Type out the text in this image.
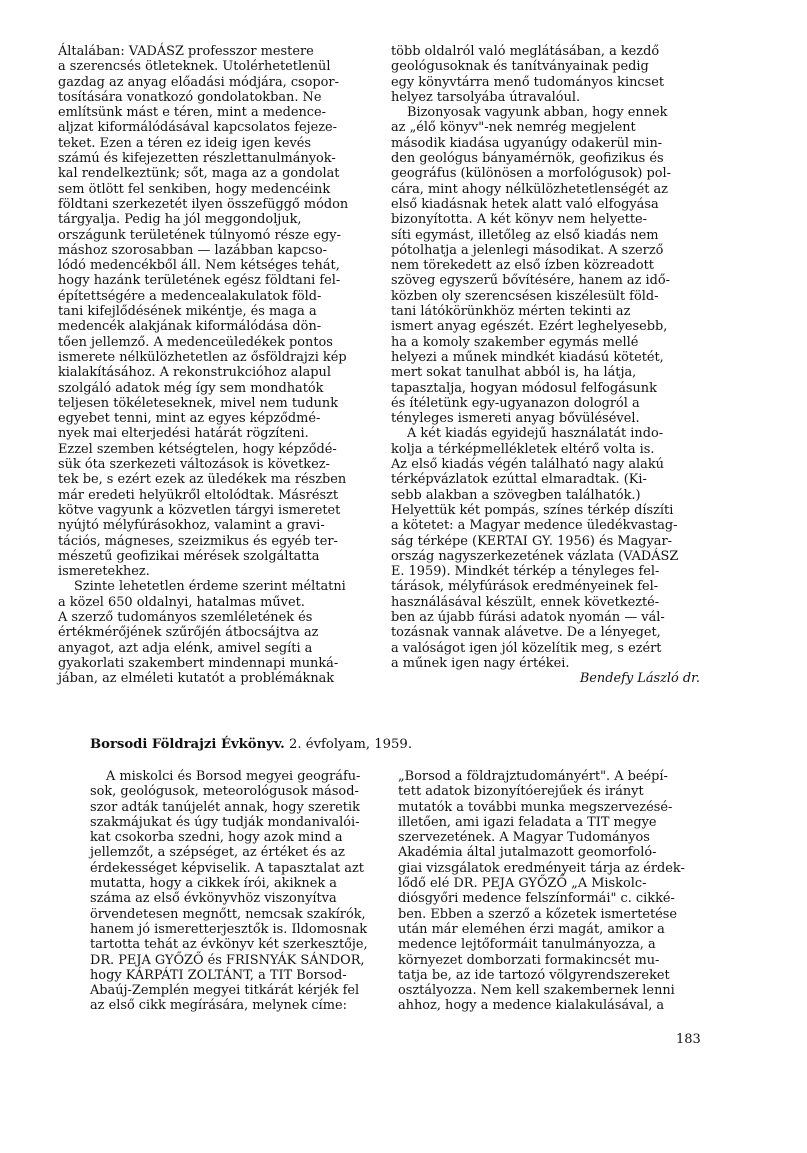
Általában: VADÁSZ professzor mestere
a szerencsés ötleteknek. Utolérhetetlenül
gazdag az anyag előadási módjára, csopor-
tosítására vonatkozó gondolatokban. Ne
említsünk mást e téren, mint a medence-
aljzat kiformálódásával kapcsolatos fejeze-
teket. Ezen a téren ez ideig igen kevés
számú és kifejezetten részlettanulmányok-
kal rendelkeztünk; sőt, maga az a gondolat
sem ötlött fel senkiben, hogy medencéink
földtani szerkezetét ilyen összefüggő módon
tárgyalja. Pedig ha jól meggondoljuk,
országunk területének túlnyomó része egy-
máshoz szorosabban — lazábban kapcso-
lódó medencékből áll. Nem kétséges tehát,
hogy hazánk területének egész földtani fel-
építettségére a medencealakulatok föld-
tani kifejlődésének mikéntje, és maga a
medencék alakjának kiformálódása dön-
tően jellemző. A medenceüledékek pontos
ismerete nélkülözhetetlen az ősföldrajzi kép
kialakításához. A rekonstrukcióhoz alapul
szolgáló adatok még így sem mondhatók
teljesen tökéleteseknek, mivel nem tudunk
egyebet tenni, mint az egyes képződmé-
nyek mai elterjedési határát rögzíteni.
Ezzel szemben kétségtelen, hogy képződé-
sük óta szerkezeti változások is következ-
tek be, s ezért ezek az üledékek ma részben
már eredeti helyükről eltolódtak. Másrészt
kötve vagyunk a közvetlen tárgyi ismeretet
nyújtó mélyfúrásokhoz, valamint a gravi-
tációs, mágneses, szeizmikus és egyéb ter-
mészetű geofizikai mérések szolgáltatta
ismeretekhez.
Szinte lehetetlen érdeme szerint méltatni
a közel 650 oldalnyi, hatalmas művet.
A szerző tudományos szemléletének és
értékmérőjének szűrőjén átbocsájtva az
anyagot, azt adja elénk, amivel segíti a
gyakorlati szakembert mindennapi munká-
jában, az elméleti kutatót a problémáknak
több oldalról való meglátásában, a kezdő
geológusoknak és tanítványainak pedig
egy könyvtárra menő tudományos kincset
helyez tarsolyába útravalóul.
Bizonyosak vagyunk abban, hogy ennek
az „élő könyv"-nek nemrég megjelent
második kiadása ugyanúgy odakerül min-
den geológus bányamérnök, geofizikus és
geográfus (különösen a morfológusok) pol-
cára, mint ahogy nélkülözhetetlenségét az
első kiadásnak hetek alatt való elfogyása
bizonyította. A két könyv nem helyette-
síti egymást, illetőleg az első kiadás nem
pótolhatja a jelenlegi másodikat. A szerző
nem törekedett az első ízben közreadott
szöveg egyszerű bővítésére, hanem az idő-
közben oly szerencsésen kiszélesült föld-
tani látókörünkhöz mérten tekinti az
ismert anyag egészét. Ezért leghelyesebb,
ha a komoly szakember egymás mellé
helyezi a műnek mindkét kiadású kötetét,
mert sokat tanulhat abból is, ha látja,
tapasztalja, hogyan módosul felfogásunk
és ítéletünk egy-ugyanazon dologról a
tényleges ismereti anyag bővülésével.
A két kiadás egyidejű használatát indo-
kolja a térképmellékletek eltérő volta is.
Az első kiadás végén található nagy alakú
térképvázlatok ezúttal elmaradtak. (Ki-
sebb alakban a szövegben találhatók.)
Helyettük két pompás, színes térkép díszíti
a kötetet: a Magyar medence üledékvastag-
ság térképe (KERTAI GY. 1956) és Magyar-
ország nagyszerkezetének vázlata (VADÁSZ
E. 1959). Mindkét térkép a tényleges fel-
tárások, mélyfúrások eredményeinek fel-
használásával készült, ennek következté-
ben az újabb fúrási adatok nyomán — vál-
tozásnak vannak alávetve. De a lényeget,
a valóságot igen jól közelítik meg, s ezért
a műnek igen nagy értékei.
Bendefy László dr.
Borsodi Földrajzi Évkönyv. 2. évfolyam, 1959.
A miskolci és Borsod megyei geográfu-
sok, geológusok, meteorológusok másod-
szor adták tanújelét annak, hogy szeretik
szakmájukat és úgy tudják mondanivalói-
kat csokorba szedni, hogy azok mind a
jellemzőt, a szépséget, az értéket és az
érdekességet képviselik. A tapasztalat azt
mutatta, hogy a cikkek írói, akiknek a
száma az első évkönyvhöz viszonyítva
örvendetesen megnőtt, nemcsak szakírók,
hanem jó ismeretterjesztők is. Ildomosnak
tartotta tehát az évkönyv két szerkesztője,
DR. PEJA GYŐZŐ és FRISNYÁK SÁNDOR,
hogy KÁRPÁTI ZOLTÁNT, a TIT Borsod-
Abaúj-Zemplén megyei titkárát kérjék fel
az első cikk megírására, melynek címe:
„Borsod a földrajztudományért". A beépí-
tett adatok bizonyítóerejűek és irányt
mutatók a további munka megszervezésé-
illetően, ami igazi feladata a TIT megye
szervezetének. A Magyar Tudományos
Akadémia által jutalmazott geomorfoló-
giai vizsgálatok eredményeit tárja az érdek-
lődő elé DR. PEJA GYŐZŐ „A Miskolc-
diósgyőri medence felszínformái" c. cikké-
ben. Ebben a szerző a kőzetek ismertetése
után már eleméhen érzi magát, amikor a
medence lejtőformáit tanulmányozza, a
környezet domborzati formakincsét mu-
tatja be, az ide tartozó völgyrendszereket
osztályozza. Nem kell szakembernek lenni
ahhoz, hogy a medence kialakulásával, a
183
